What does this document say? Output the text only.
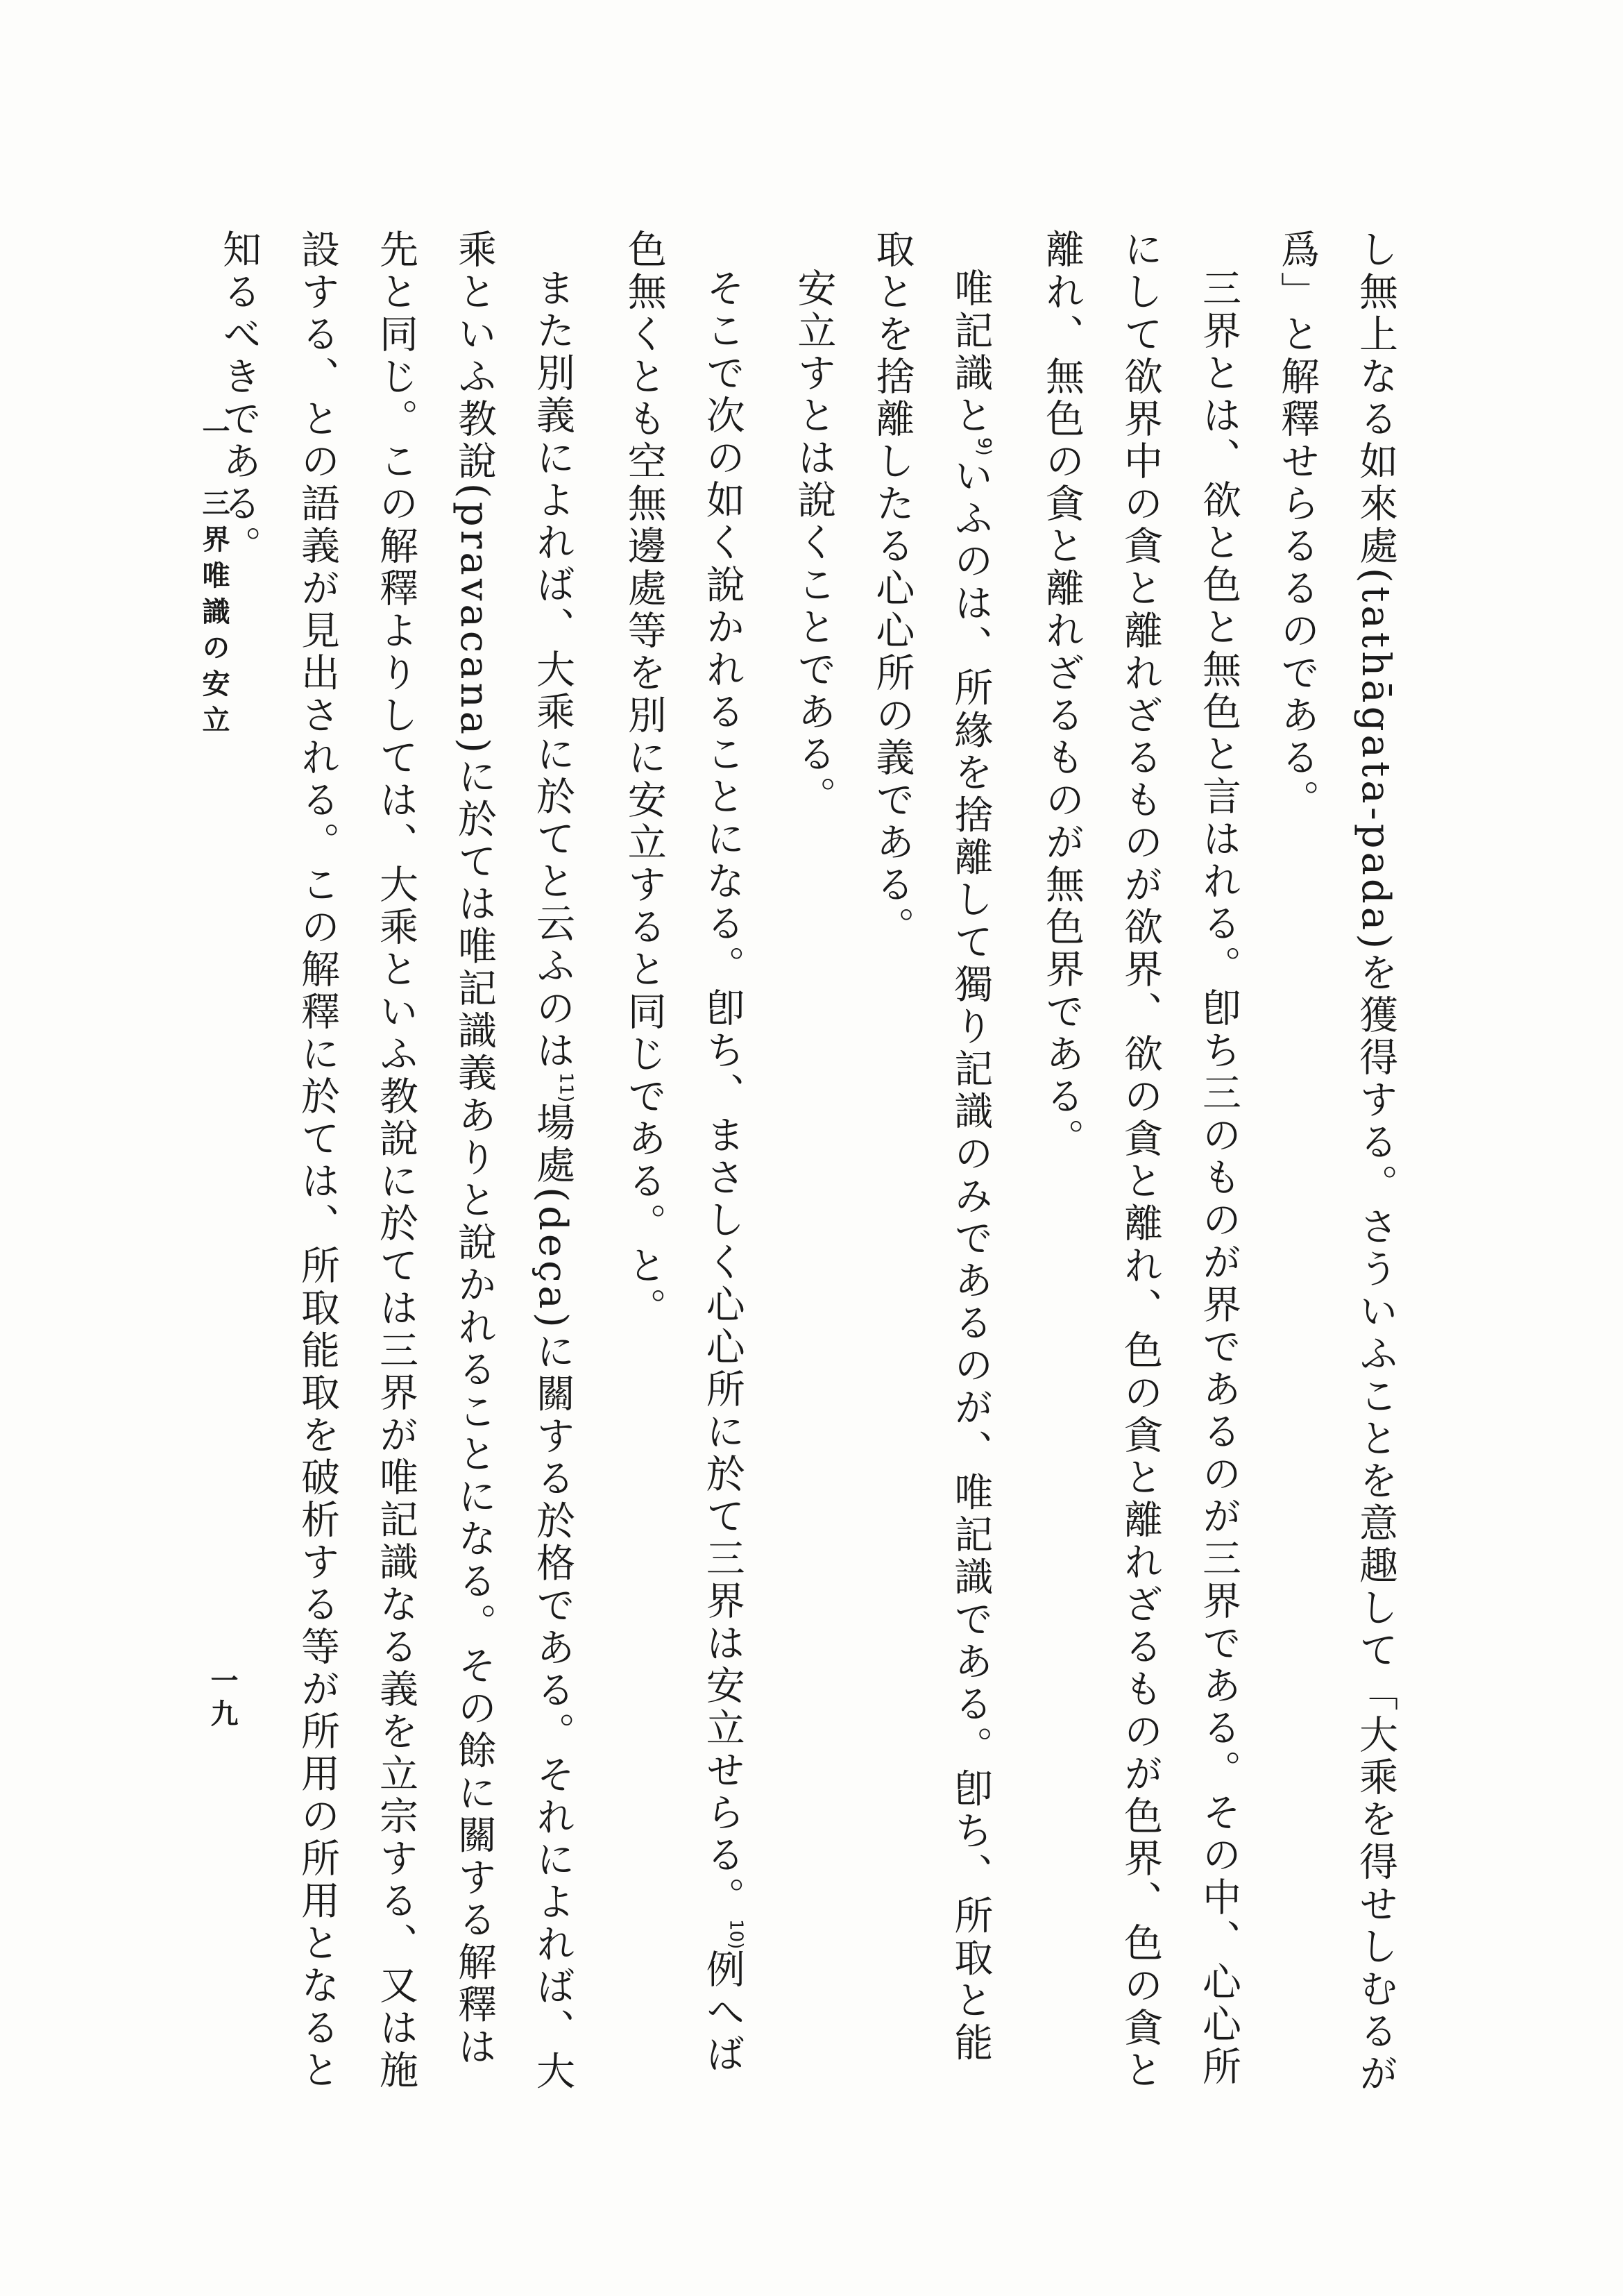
し無上なる如來處(tathāgata-pada)を獲得する。さういふことを意趣して「大乘を得せしむるが爲」と解釋せらるるのである。

三界とは、欲と色と無色と言はれる。卽ち三のものが界であるのが三界である。その中、心心所にして欲界中の貪と離れざるものが欲界、欲の貪と離れ、色の貪と離れざるものが色界、色の貪と離れ、無色の貪と離れざるものが無色界である。

唯記識と$^{9)}$いふのは、所緣を捨離して獨り記識のみであるのが、唯記識である。卽ち、所取と能取とを捨離したる心心所の義である。

安立すとは說くことである。

そこで次の如く說かれることになる。卽ち、まさしく心心所に於て三界は安立せらる。$^{10)}$例へば色無くとも空無邊處等を別に安立すると同じである。と。

また別義によれば、大乘に於てと云ふのは$^{11)}$場處(deça)に關する於格である。それによれば、大乘といふ教說(pravacana)に於ては唯記識義ありと說かれることになる。その餘に關する解釋は先と同じ。この解釋よりしては、大乘といふ教說に於ては三界が唯記識なる義を立宗する、又は施設する、との語義が見出される。この解釋に於ては、所取能取を破析する等が所用の所用となると知るべきである。

一　三界唯識の安立
一九
